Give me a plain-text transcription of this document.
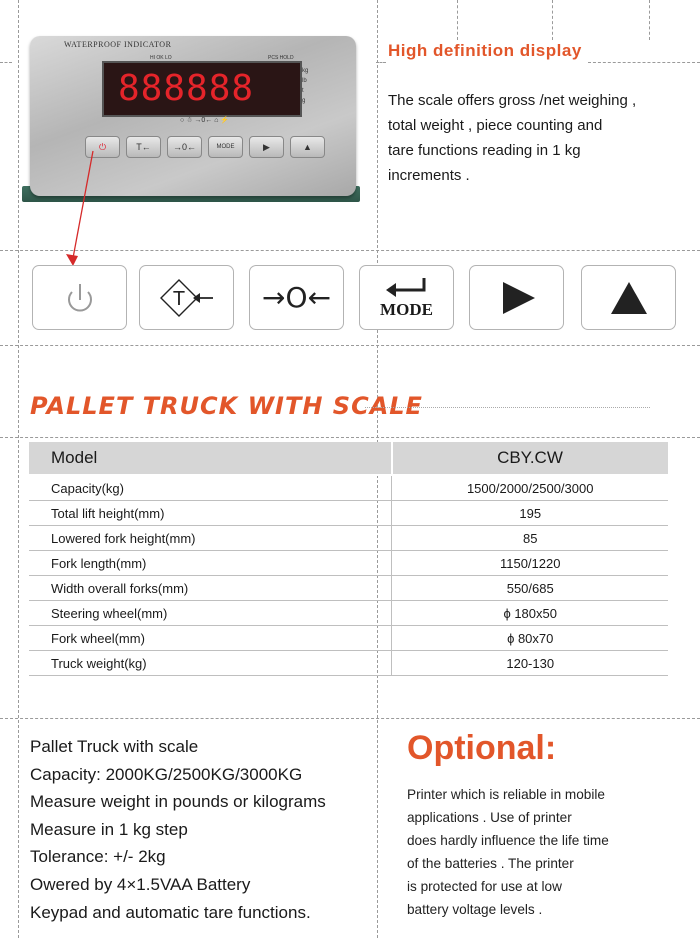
WATERPROOF INDICATOR
HI OK LO	PCS HOLD
888888	kg
lb
t
g
○ ☃ →0← ⌂ ⚡
⏻	T←	→0←	MODE	▶	▲
High definition display
The scale offers gross /net weighing ,
total weight , piece counting and
tare functions reading in 1 kg
increments .
T	→O←	MODE
PALLET TRUCK WITH SCALE
Model	CBY.CW
Capacity(kg)	1500/2000/2500/3000
Total lift height(mm)	195
Lowered fork height(mm)	85
Fork length(mm)	1150/1220
Width overall forks(mm)	550/685
Steering wheel(mm)	ϕ 180x50
Fork wheel(mm)	ϕ 80x70
Truck weight(kg)	120-130
Pallet Truck with scale
Capacity: 2000KG/2500KG/3000KG
Measure weight in pounds or kilograms
Measure in 1 kg step
Tolerance: +/- 2kg
Owered by 4×1.5VAA Battery
Keypad and automatic tare functions.
Optional:
Printer which is reliable in mobile
applications . Use of printer
does hardly influence the life time
of the batteries . The printer
is protected for use at low
battery voltage levels .
